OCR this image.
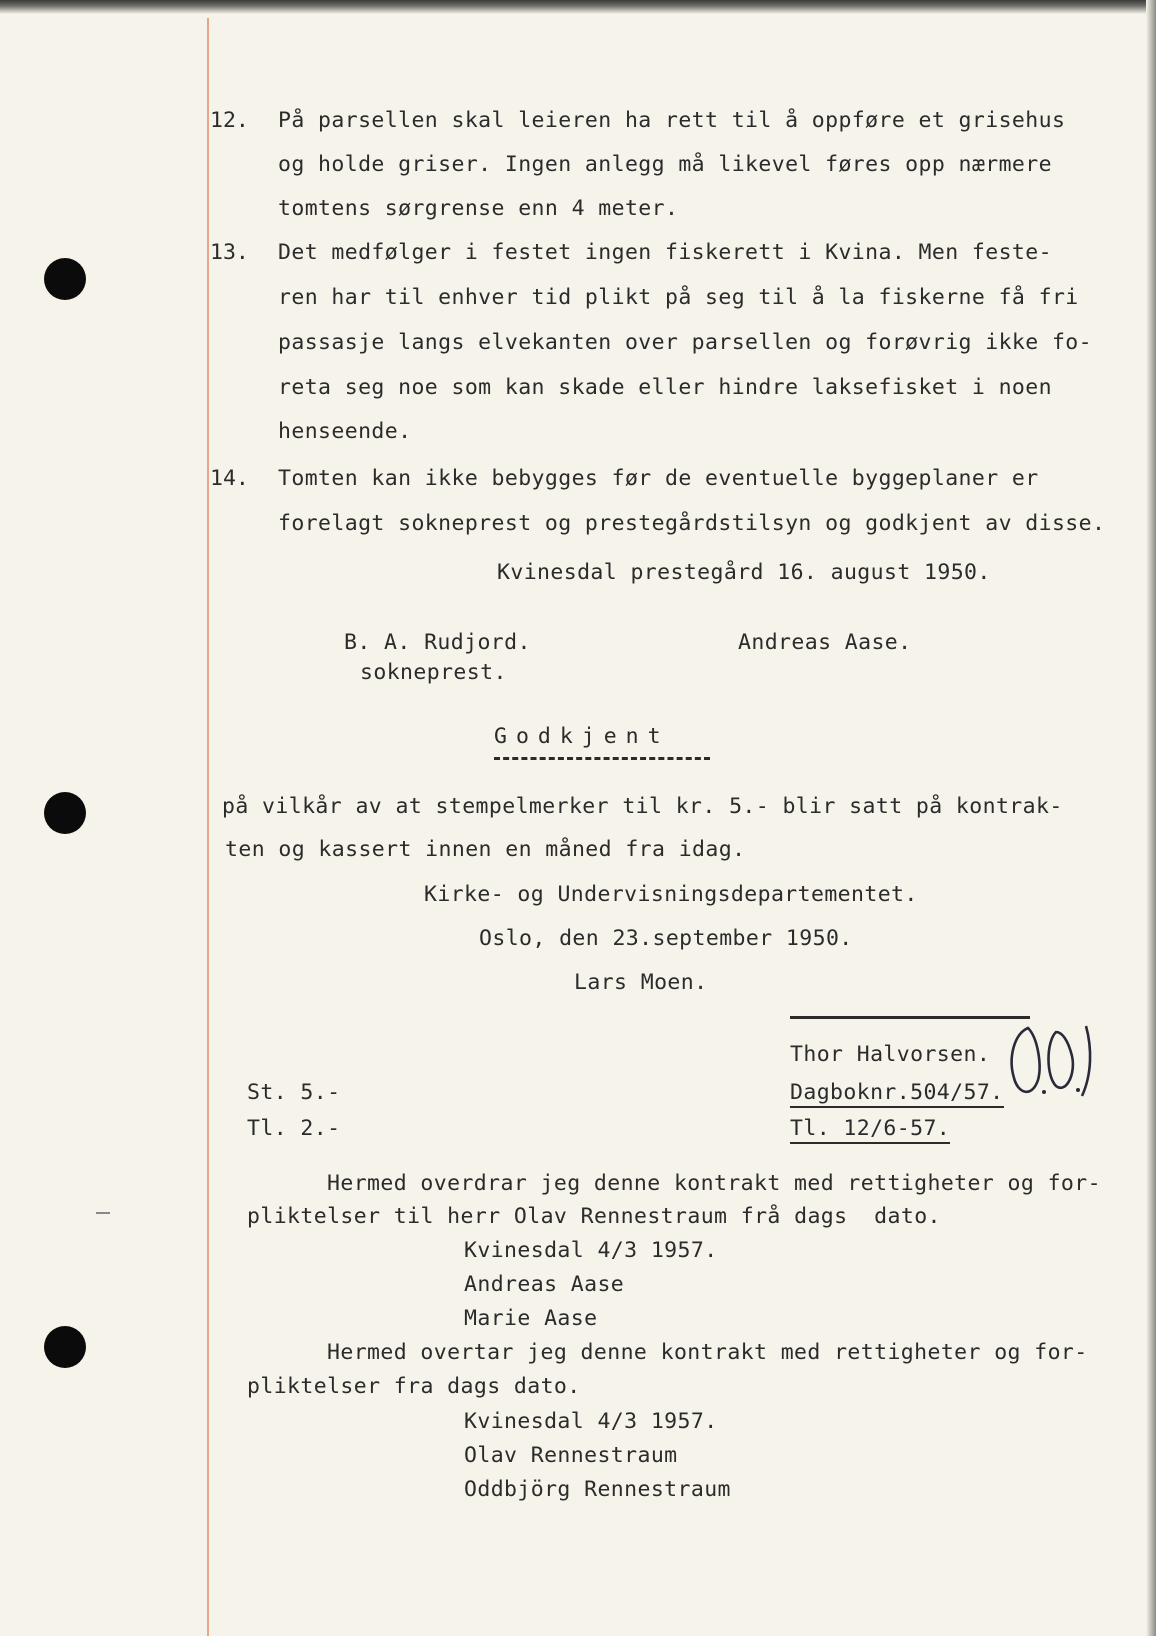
12. På parsellen skal leieren ha rett til å oppføre et grisehus
og holde griser. Ingen anlegg må likevel føres opp nærmere
tomtens sørgrense enn 4 meter.
13. Det medfølger i festet ingen fiskerett i Kvina. Men feste-
ren har til enhver tid plikt på seg til å la fiskerne få fri
passasje langs elvekanten over parsellen og forøvrig ikke fo-
reta seg noe som kan skade eller hindre laksefisket i noen
henseende.
14. Tomten kan ikke bebygges før de eventuelle byggeplaner er
forelagt sokneprest og prestegårdstilsyn og godkjent av disse.
Kvinesdal prestegård 16. august 1950.
B. A. Rudjord.
sokneprest.
Andreas Aase.
Godkjent
på vilkår av at stempelmerker til kr. 5.- blir satt på kontrak-
ten og kassert innen en måned fra idag.
Kirke- og Undervisningsdepartementet.
Oslo, den 23.september 1950.
Lars Moen.
Thor Halvorsen.
Dagboknr.504/57.
Tl. 12/6-57.
St. 5.-
Tl. 2.-
Hermed overdrar jeg denne kontrakt med rettigheter og for-
pliktelser til herr Olav Rennestraum frå dags  dato.
Kvinesdal 4/3 1957.
Andreas Aase
Marie Aase
Hermed overtar jeg denne kontrakt med rettigheter og for-
pliktelser fra dags dato.
Kvinesdal 4/3 1957.
Olav Rennestraum
Oddbjörg Rennestraum
